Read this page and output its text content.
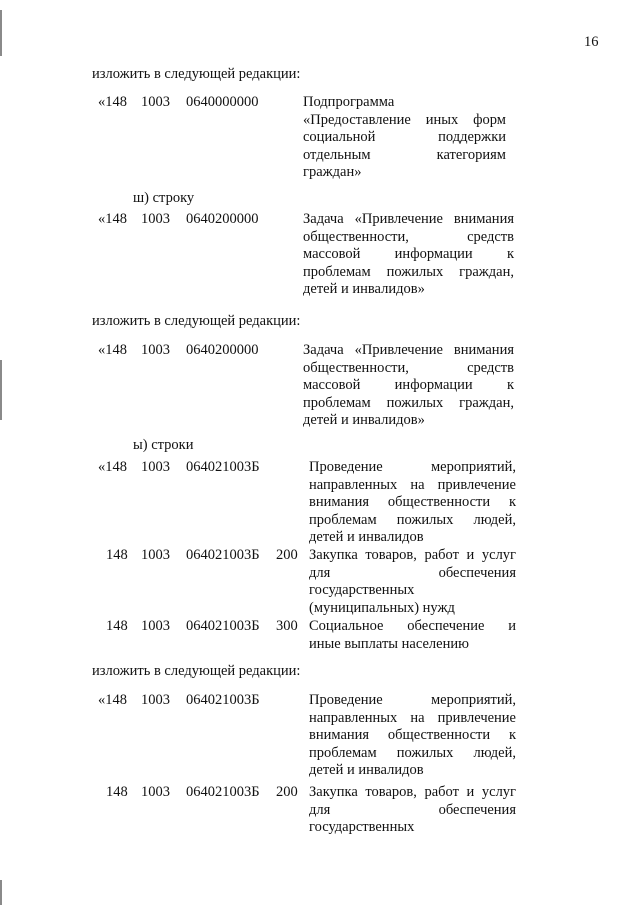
16
изложить в следующей редакции:
«148 1003 0640000000	Подпрограмма
«Предоставление иных форм
социальной поддержки
отдельным категориям
граждан»
ш) строку
«148 1003 0640200000	Задача «Привлечение внимания
общественности, средств
массовой информации к
проблемам пожилых граждан,
детей и инвалидов»
изложить в следующей редакции:
«148 1003 0640200000	Задача «Привлечение внимания
общественности, средств
массовой информации к
проблемам пожилых граждан,
детей и инвалидов»
ы) строки
«148 1003 064021003Б	Проведение мероприятий,
направленных на привлечение
внимания общественности к
проблемам пожилых людей,
детей и инвалидов
148 1003 064021003Б 200 Закупка товаров, работ и услуг
для обеспечения
государственных
(муниципальных) нужд
148 1003 064021003Б 300 Социальное обеспечение и
иные выплаты населению
изложить в следующей редакции:
«148 1003 064021003Б	Проведение мероприятий,
направленных на привлечение
внимания общественности к
проблемам пожилых людей,
детей и инвалидов
148 1003 064021003Б 200 Закупка товаров, работ и услуг
для обеспечения
государственных
